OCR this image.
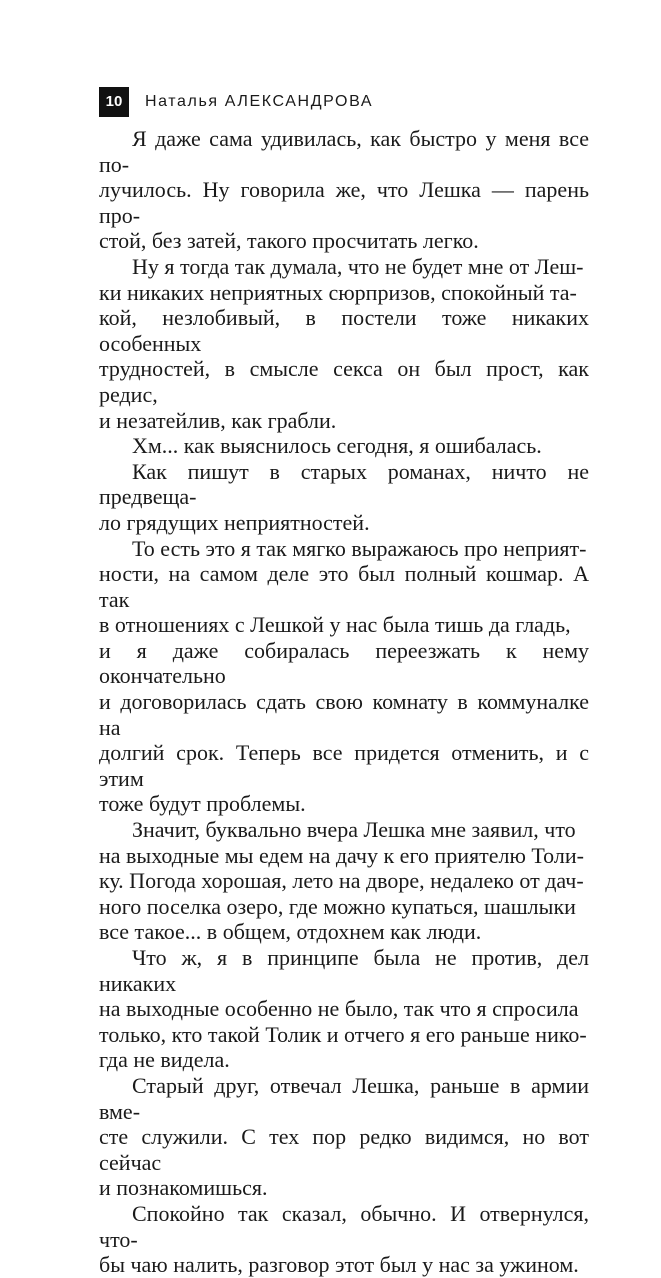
10	Наталья АЛЕКСАНДРОВА

Я даже сама удивилась, как быстро у меня все по-
лучилось. Ну говорила же, что Лешка — парень про-
стой, без затей, такого просчитать легко.

Ну я тогда так думала, что не будет мне от Леш-
ки никаких неприятных сюрпризов, спокойный та-
кой, незлобивый, в постели тоже никаких особенных
трудностей, в смысле секса он был прост, как редис,
и незатейлив, как грабли.

Хм... как выяснилось сегодня, я ошибалась.

Как пишут в старых романах, ничто не предвеща-
ло грядущих неприятностей.

То есть это я так мягко выражаюсь про неприят-
ности, на самом деле это был полный кошмар. А так
в отношениях с Лешкой у нас была тишь да гладь,
и я даже собиралась переезжать к нему окончательно
и договорилась сдать свою комнату в коммуналке на
долгий срок. Теперь все придется отменить, и с этим
тоже будут проблемы.

Значит, буквально вчера Лешка мне заявил, что
на выходные мы едем на дачу к его приятелю Толи-
ку. Погода хорошая, лето на дворе, недалеко от дач-
ного поселка озеро, где можно купаться, шашлыки
все такое... в общем, отдохнем как люди.

Что ж, я в принципе была не против, дел никаких
на выходные особенно не было, так что я спросила
только, кто такой Толик и отчего я его раньше нико-
гда не видела.

Старый друг, отвечал Лешка, раньше в армии вме-
сте служили. С тех пор редко видимся, но вот сейчас
и познакомишься.

Спокойно так сказал, обычно. И отвернулся, что-
бы чаю налить, разговор этот был у нас за ужином.
